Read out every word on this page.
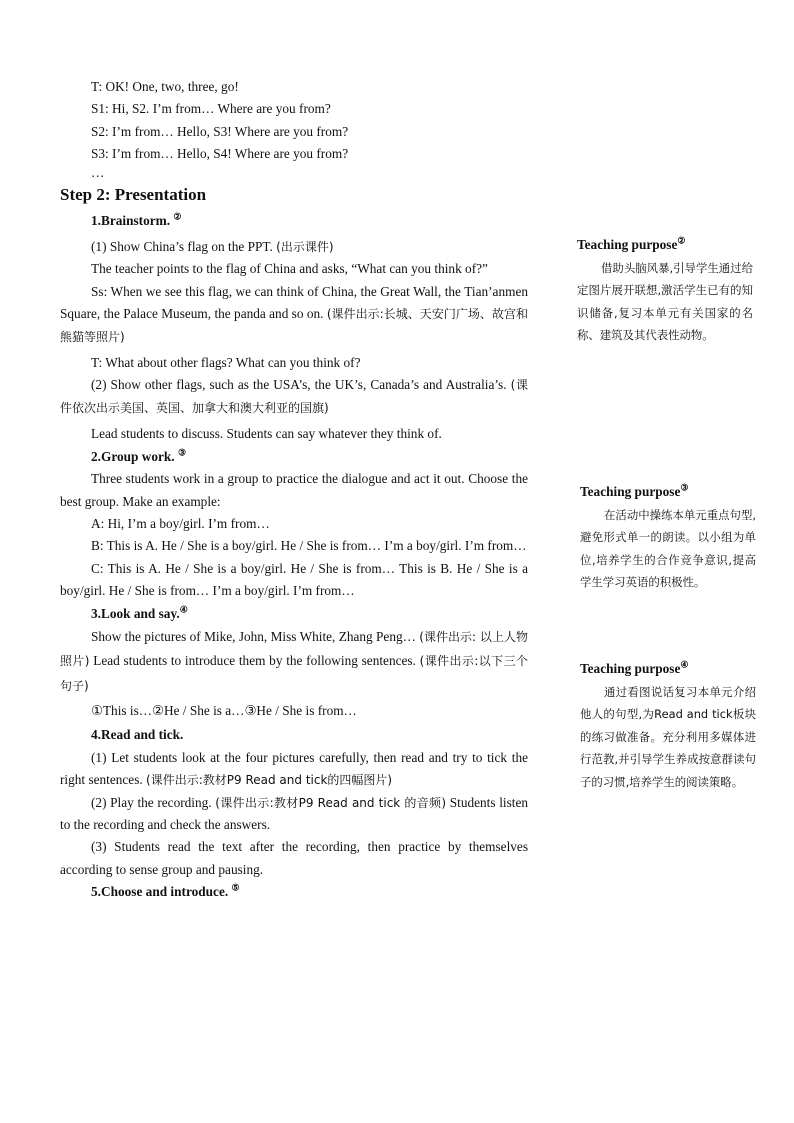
T: OK! One, two, three, go!

S1: Hi, S2. I’m from… Where are you from?

S2: I’m from… Hello, S3! Where are you from?

S3: I’m from… Hello, S4! Where are you from?

…

Step 2: Presentation

1.Brainstorm. ②

(1) Show China’s flag on the PPT. (出示课件)

The teacher points to the flag of China and asks, “What can you think of?”

Ss: When we see this flag, we can think of China, the Great Wall, the Tian’anmen Square, the Palace Museum, the panda and so on. (课件出示:长城、天安门广场、故宫和熊猫等照片)

T: What about other flags? What can you think of?

(2) Show other flags, such as the USA’s, the UK’s, Canada’s and Australia’s. (课件依次出示美国、英国、加拿大和澳大利亚的国旗)

Lead students to discuss. Students can say whatever they think of.

2.Group work. ③

Three students work in a group to practice the dialogue and act it out. Choose the best group. Make an example:

A: Hi, I’m a boy/girl. I’m from…

B: This is A. He / She is a boy/girl. He / She is from… I’m a boy/girl. I’m from…

C: This is A. He / She is a boy/girl. He / She is from… This is B. He / She is a boy/girl. He / She is from… I’m a boy/girl. I’m from…

3.Look and say.④

Show the pictures of Mike, John, Miss White, Zhang Peng… (课件出示: 以上人物照片) Lead students to introduce them by the following sentences. (课件出示:以下三个句子)

①This is…②He / She is a…③He / She is from…

4.Read and tick.

(1) Let students look at the four pictures carefully, then read and try to tick the right sentences. (课件出示:教材P9 Read and tick的四幅图片)

(2) Play the recording. (课件出示:教材P9 Read and tick 的音频) Students listen to the recording and check the answers.

(3) Students read the text after the recording, then practice by themselves according to sense group and pausing.

5.Choose and introduce. ⑤

Teaching purpose②

借助头脑风暴,引导学生通过给定图片展开联想,激活学生已有的知识储备,复习本单元有关国家的名称、建筑及其代表性动物。

Teaching purpose③

在活动中操练本单元重点句型,避免形式单一的朗读。以小组为单位,培养学生的合作竞争意识,提高学生学习英语的积极性。

Teaching purpose④

通过看图说话复习本单元介绍他人的句型,为Read and tick板块的练习做准备。充分利用多媒体进行范教,并引导学生养成按意群读句子的习惯,培养学生的阅读策略。
